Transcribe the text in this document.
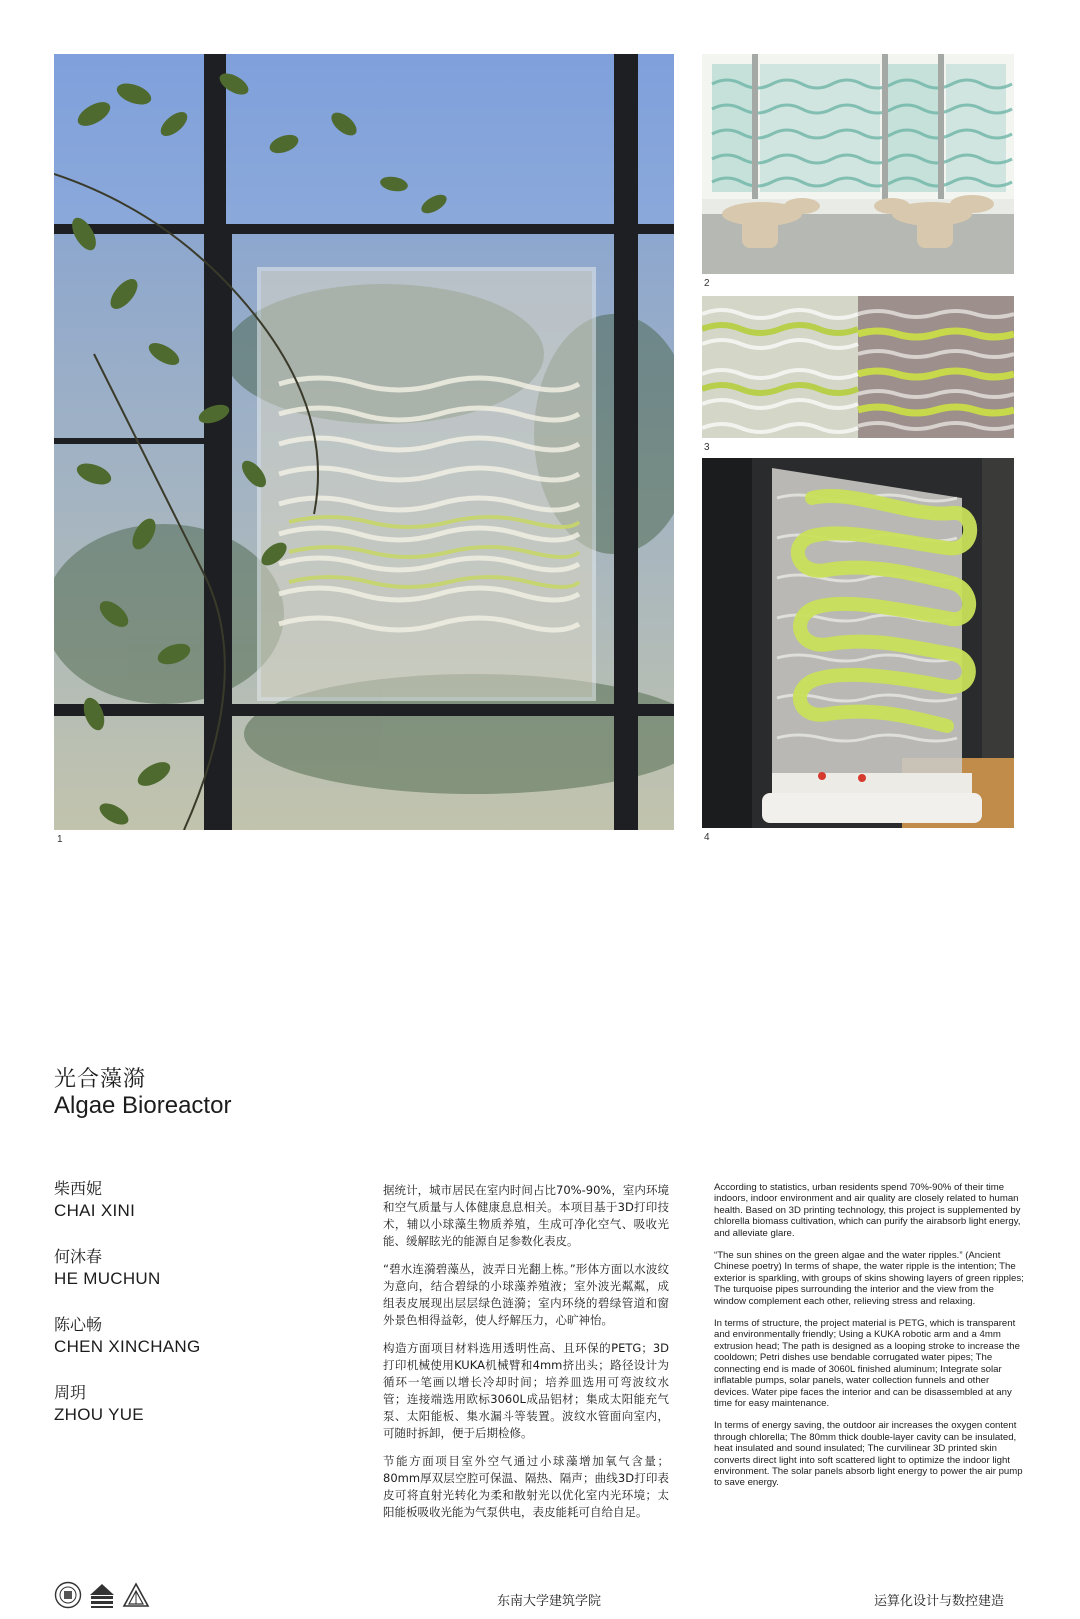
1
2
3
4
光合藻漪
Algae Bioreactor
柴西妮
CHAI XINI
何沐春
HE MUCHUN
陈心畅
CHEN XINCHANG
周玥
ZHOU YUE

据统计，城市居民在室内时间占比70%-90%，室内环境和空气质量与人体健康息息相关。本项目基于3D打印技术，辅以小球藻生物质养殖，生成可净化空气、吸收光能、缓解眩光的能源自足参数化表皮。

“碧水连漪碧藻丛，波弄日光翻上栋。”形体方面以水波纹为意向，结合碧绿的小球藻养殖液；室外波光粼粼，成组表皮展现出层层绿色涟漪；室内环绕的碧绿管道和窗外景色相得益彰，使人纾解压力，心旷神怡。

构造方面项目材料选用透明性高、且环保的PETG；3D打印机械使用KUKA机械臂和4mm挤出头；路径设计为循环一笔画以增长冷却时间；培养皿选用可弯波纹水管；连接端选用欧标3060L成品铝材；集成太阳能充气泵、太阳能板、集水漏斗等装置。波纹水管面向室内，可随时拆卸，便于后期检修。

节能方面项目室外空气通过小球藻增加氧气含量；80mm厚双层空腔可保温、隔热、隔声；曲线3D打印表皮可将直射光转化为柔和散射光以优化室内光环境；太阳能板吸收光能为气泵供电，表皮能耗可自给自足。

According to statistics, urban residents spend 70%-90% of their time indoors, indoor environment and air quality are closely related to human health. Based on 3D printing technology, this project is supplemented by chlorella biomass cultivation, which can purify the airabsorb light energy, and alleviate glare.

“The sun shines on the green algae and the water ripples.” (Ancient Chinese poetry) In terms of shape, the water ripple is the intention; The exterior is sparkling, with groups of skins showing layers of green ripples; The turquoise pipes surrounding the interior and the view from the window complement each other, relieving stress and relaxing.

In terms of structure, the project material is PETG, which is transparent and environmentally friendly; Using a KUKA robotic arm and a 4mm extrusion head; The path is designed as a looping stroke to increase the cooldown; Petri dishes use bendable corrugated water pipes; The connecting end is made of 3060L finished aluminum; Integrate solar inflatable pumps, solar panels, water collection funnels and other devices. Water pipe faces the interior and can be disassembled at any time for easy maintenance.

In terms of energy saving, the outdoor air increases the oxygen content through chlorella; The 80mm thick double-layer cavity can be insulated, heat insulated and sound insulated; The curvilinear 3D printed skin converts direct light into soft scattered light to optimize the indoor light environment. The solar panels absorb light energy to power the air pump to save energy.

东南大学建筑学院	运算化设计与数控建造
